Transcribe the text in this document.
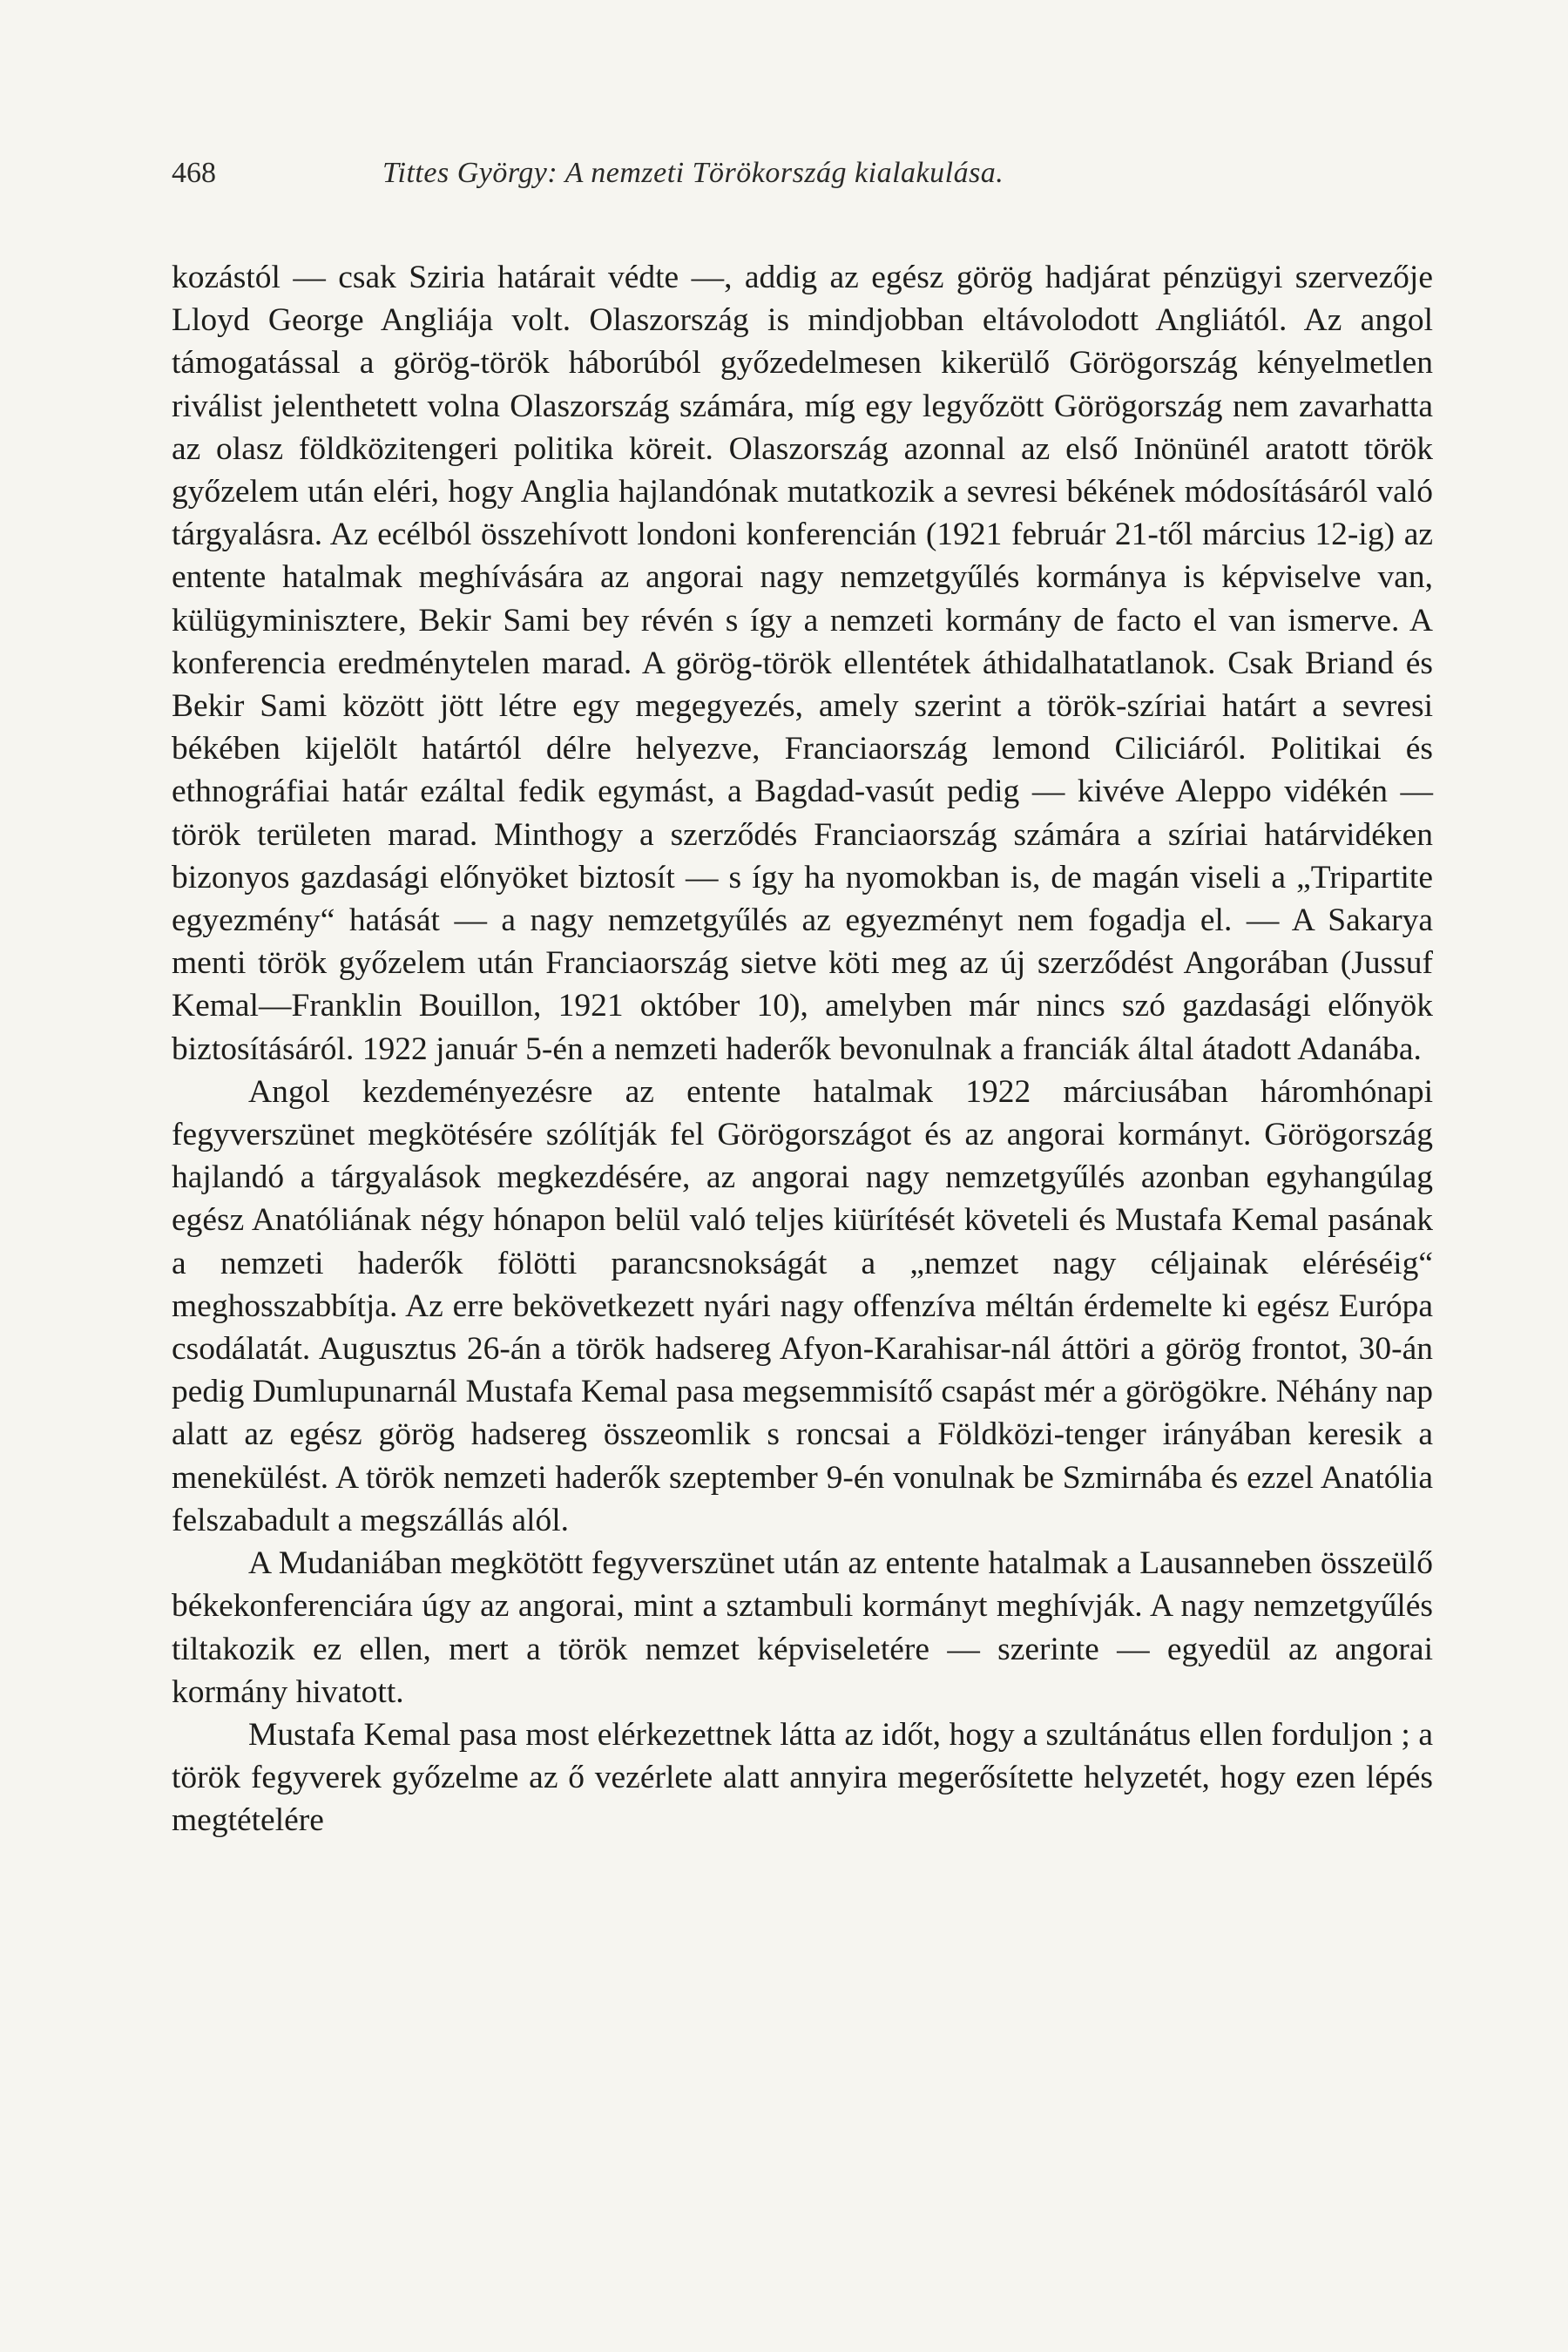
468	Tittes György: A nemzeti Törökország kialakulása.

kozástól — csak Sziria határait védte —, addig az egész görög hadjárat pénzügyi szervezője Lloyd George Angliája volt. Olaszország is mindjobban eltávolodott Angliától. Az angol támogatással a görög-török háborúból győzedelmesen kikerülő Görögország kényelmetlen riválist jelenthetett volna Olaszország számára, míg egy legyőzött Görögország nem zavarhatta az olasz földközitengeri politika köreit. Olaszország azonnal az első Inönünél aratott török győzelem után eléri, hogy Anglia hajlandónak mutatkozik a sevresi békének módosításáról való tárgyalásra. Az ecélból összehívott londoni konferencián (1921 február 21-től március 12-ig) az entente hatalmak meghívására az angorai nagy nemzetgyűlés kormánya is képviselve van, külügyminisztere, Bekir Sami bey révén s így a nemzeti kormány de facto el van ismerve. A konferencia eredménytelen marad. A görög-török ellentétek áthidalhatatlanok. Csak Briand és Bekir Sami között jött létre egy megegyezés, amely szerint a török-szíriai határt a sevresi békében kijelölt határtól délre helyezve, Franciaország lemond Ciliciáról. Politikai és ethnográfiai határ ezáltal fedik egymást, a Bagdad-vasút pedig — kivéve Aleppo vidékén — török területen marad. Minthogy a szerződés Franciaország számára a szíriai határvidéken bizonyos gazdasági előnyöket biztosít — s így ha nyomokban is, de magán viseli a „Tripartite egyezmény“ hatását — a nagy nemzetgyűlés az egyezményt nem fogadja el. — A Sakarya menti török győzelem után Franciaország sietve köti meg az új szerződést Angorában (Jussuf Kemal—Franklin Bouillon, 1921 október 10), amelyben már nincs szó gazdasági előnyök biztosításáról. 1922 január 5-én a nemzeti haderők bevonulnak a franciák által átadott Adanába.

Angol kezdeményezésre az entente hatalmak 1922 márciusában háromhónapi fegyverszünet megkötésére szólítják fel Görögországot és az angorai kormányt. Görögország hajlandó a tárgyalások megkezdésére, az angorai nagy nemzetgyűlés azonban egyhangúlag egész Anatóliának négy hónapon belül való teljes kiürítését követeli és Mustafa Kemal pasának a nemzeti haderők fölötti parancsnokságát a „nemzet nagy céljainak eléréséig“ meghosszabbítja. Az erre bekövetkezett nyári nagy offenzíva méltán érdemelte ki egész Európa csodálatát. Augusztus 26-án a török hadsereg Afyon-Karahisar-nál áttöri a görög frontot, 30-án pedig Dumlupunarnál Mustafa Kemal pasa megsemmisítő csapást mér a görögökre. Néhány nap alatt az egész görög hadsereg összeomlik s roncsai a Földközi-tenger irányában keresik a menekülést. A török nemzeti haderők szeptember 9-én vonulnak be Szmirnába és ezzel Anatólia felszabadult a megszállás alól.

A Mudaniában megkötött fegyverszünet után az entente hatalmak a Lausanneben összeülő békekonferenciára úgy az angorai, mint a sztambuli kormányt meghívják. A nagy nemzetgyűlés tiltakozik ez ellen, mert a török nemzet képviseletére — szerinte — egyedül az angorai kormány hivatott.

Mustafa Kemal pasa most elérkezettnek látta az időt, hogy a szultánátus ellen forduljon ; a török fegyverek győzelme az ő vezérlete alatt annyira megerősítette helyzetét, hogy ezen lépés megtételére
